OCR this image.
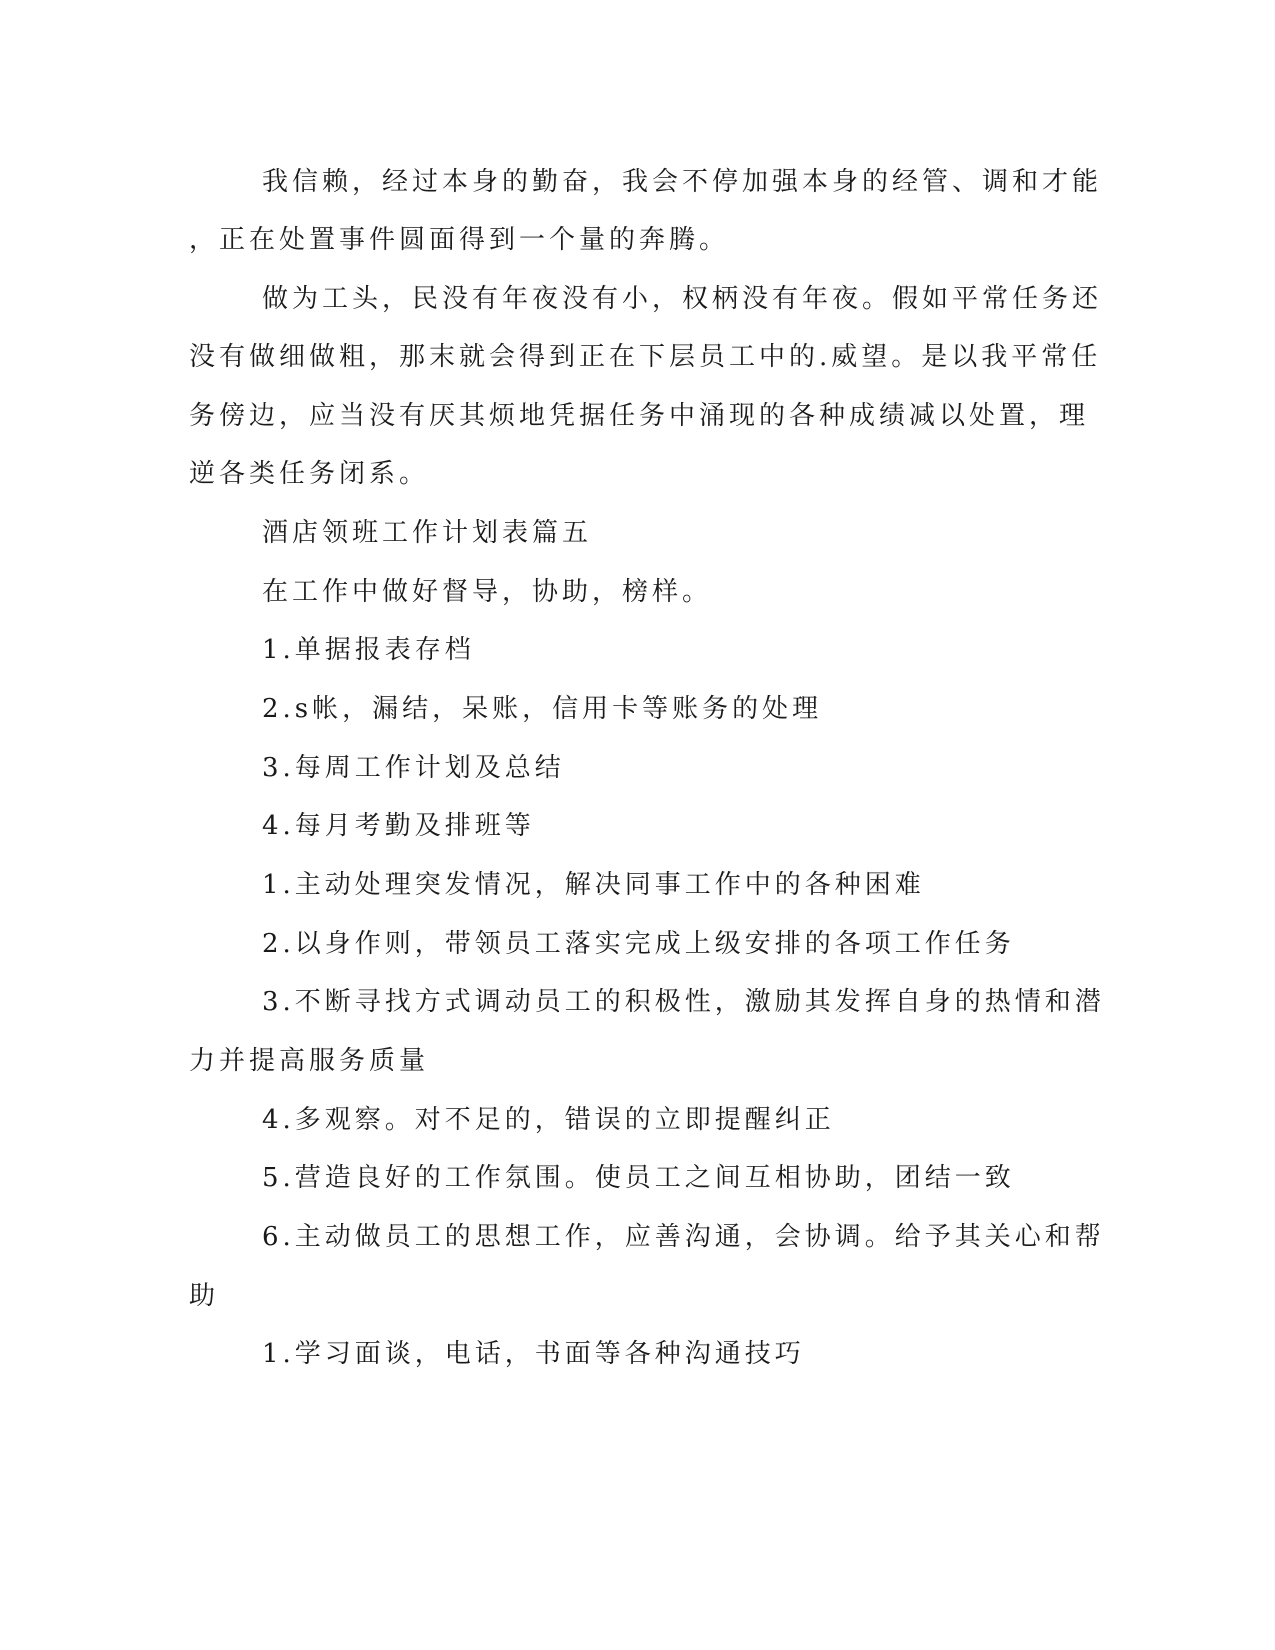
我信赖，经过本身的勤奋，我会不停加强本身的经管、调和才能
，正在处置事件圆面得到一个量的奔腾。
做为工头，民没有年夜没有小，权柄没有年夜。假如平常任务还
没有做细做粗，那末就会得到正在下层员工中的.威望。是以我平常任
务傍边，应当没有厌其烦地凭据任务中涌现的各种成绩减以处置，理
逆各类任务闭系。
酒店领班工作计划表篇五
在工作中做好督导，协助，榜样。
1.单据报表存档
2.s帐，漏结，呆账，信用卡等账务的处理
3.每周工作计划及总结
4.每月考勤及排班等
1.主动处理突发情况，解决同事工作中的各种困难
2.以身作则，带领员工落实完成上级安排的各项工作任务
3.不断寻找方式调动员工的积极性，激励其发挥自身的热情和潜
力并提高服务质量
4.多观察。对不足的，错误的立即提醒纠正
5.营造良好的工作氛围。使员工之间互相协助，团结一致
6.主动做员工的思想工作，应善沟通，会协调。给予其关心和帮
助
1.学习面谈，电话，书面等各种沟通技巧
